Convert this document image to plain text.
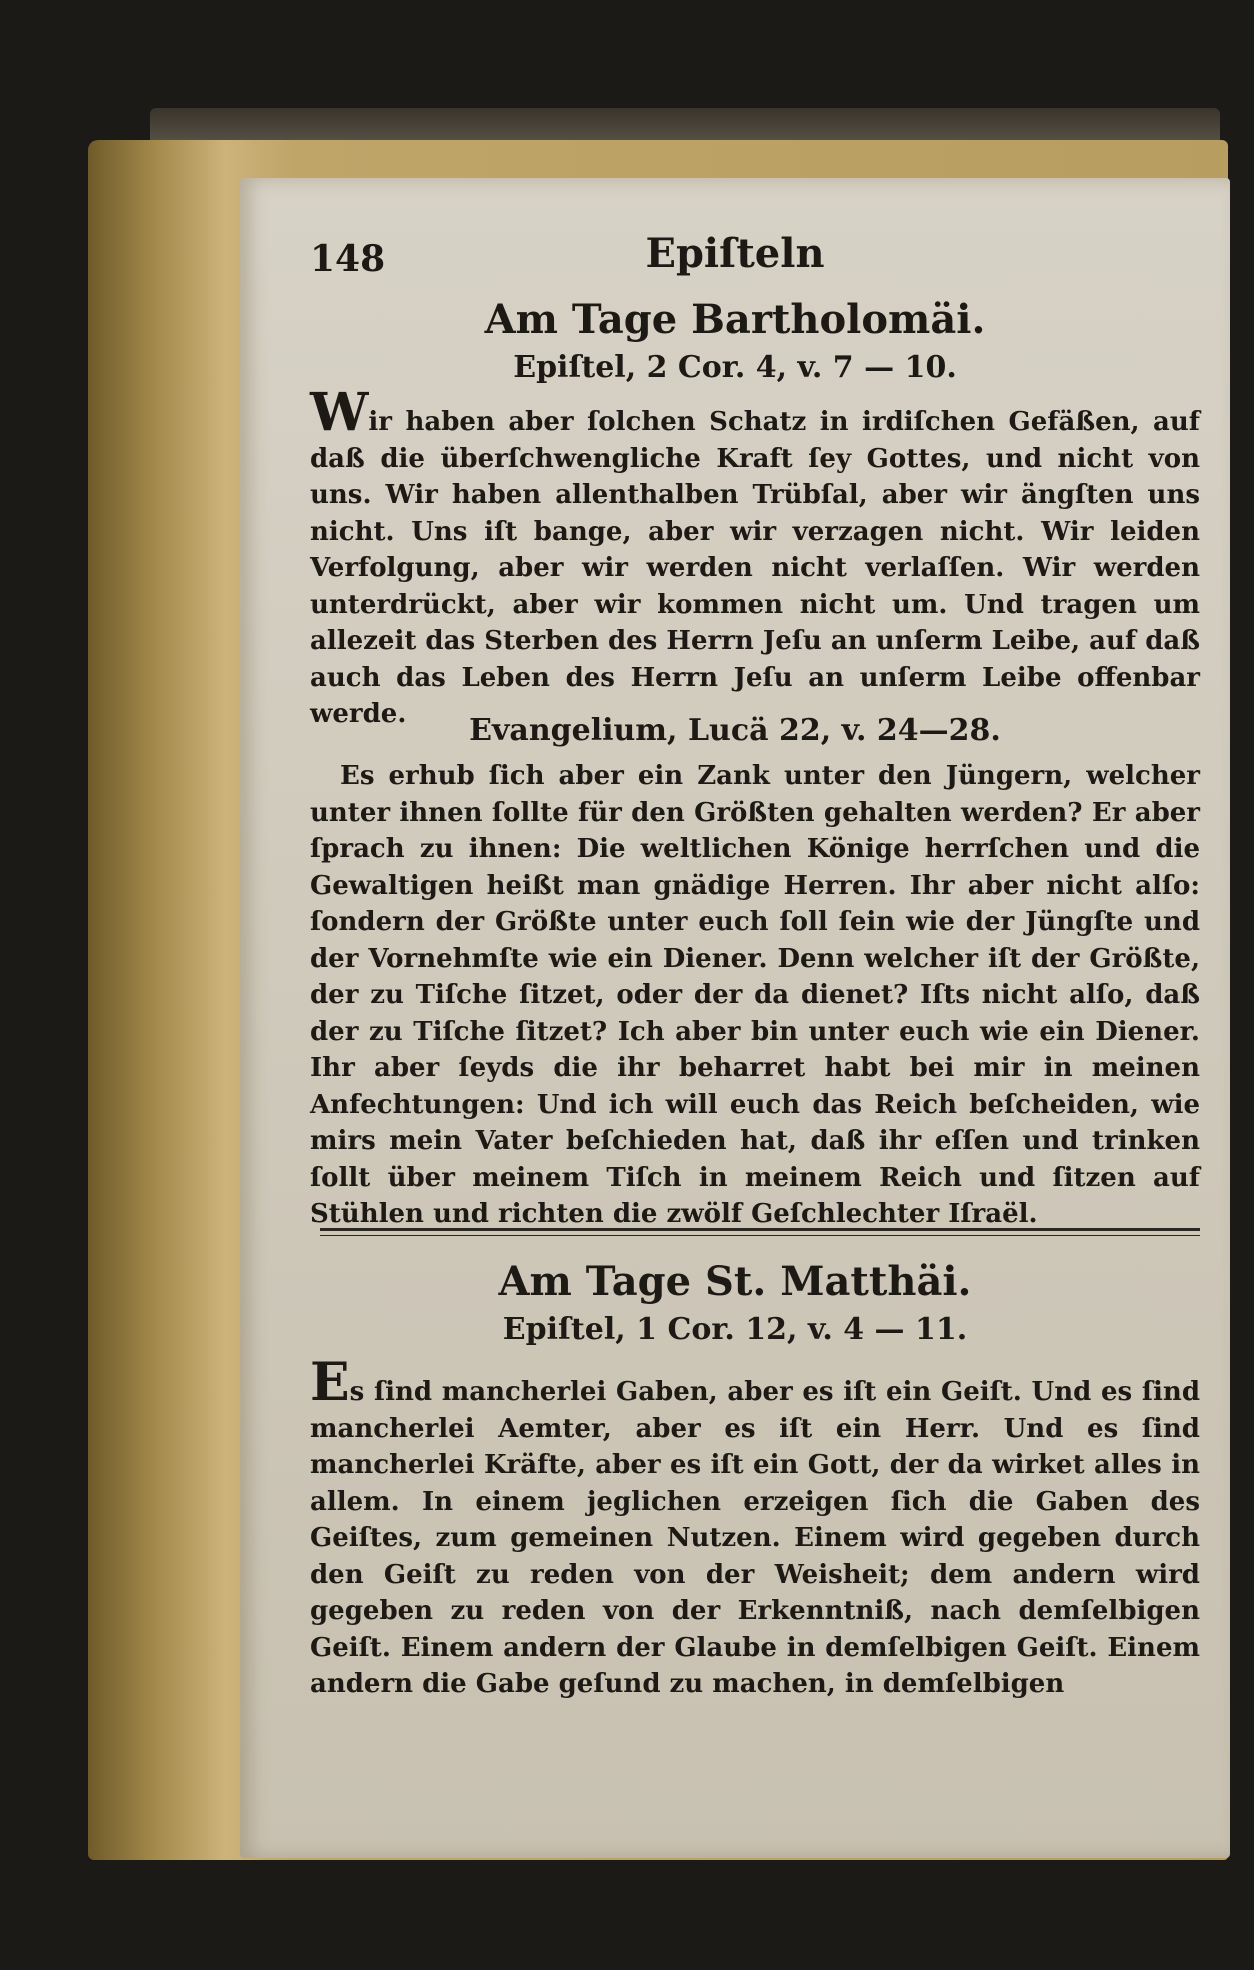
148	Epiſteln
Am Tage Bartholomäi.
Epiſtel, 2 Cor. 4, v. 7 — 10.

Wir haben aber ſolchen Schatz in irdiſchen Gefäßen, auf daß die überſchwengliche Kraft ſey Gottes, und nicht von uns. Wir haben allenthalben Trübſal, aber wir ängſten uns nicht. Uns iſt bange, aber wir verzagen nicht. Wir leiden Verfolgung, aber wir werden nicht verlaſſen. Wir werden unterdrückt, aber wir kommen nicht um. Und tragen um allezeit das Sterben des Herrn Jeſu an unſerm Leibe, auf daß auch das Leben des Herrn Jeſu an unſerm Leibe offenbar werde.	Evangelium, Lucä 22, v. 24—28.

Es erhub ſich aber ein Zank unter den Jüngern, welcher unter ihnen ſollte für den Größten gehalten werden? Er aber ſprach zu ihnen: Die weltlichen Könige herrſchen und die Gewaltigen heißt man gnädige Herren. Ihr aber nicht alſo: ſondern der Größte unter euch ſoll ſein wie der Jüngſte und der Vornehmſte wie ein Diener. Denn welcher iſt der Größte, der zu Tiſche ſitzet, oder der da dienet? Iſts nicht alſo, daß der zu Tiſche ſitzet? Ich aber bin unter euch wie ein Diener. Ihr aber ſeyds die ihr beharret habt bei mir in meinen Anfechtungen: Und ich will euch das Reich beſcheiden, wie mirs mein Vater beſchieden hat, daß ihr eſſen und trinken ſollt über meinem Tiſch in meinem Reich und ſitzen auf Stühlen und richten die zwölf Geſchlechter Iſraël.

Am Tage St. Matthäi.
Epiſtel, 1 Cor. 12, v. 4 — 11.

Es ſind mancherlei Gaben, aber es iſt ein Geiſt. Und es ſind mancherlei Aemter, aber es iſt ein Herr. Und es ſind mancherlei Kräfte, aber es iſt ein Gott, der da wirket alles in allem. In einem jeglichen erzeigen ſich die Gaben des Geiſtes, zum gemeinen Nutzen. Einem wird gegeben durch den Geiſt zu reden von der Weisheit; dem andern wird gegeben zu reden von der Erkenntniß, nach demſelbigen Geiſt. Einem andern der Glaube in demſelbigen Geiſt. Einem andern die Gabe geſund zu machen, in demſelbigen
